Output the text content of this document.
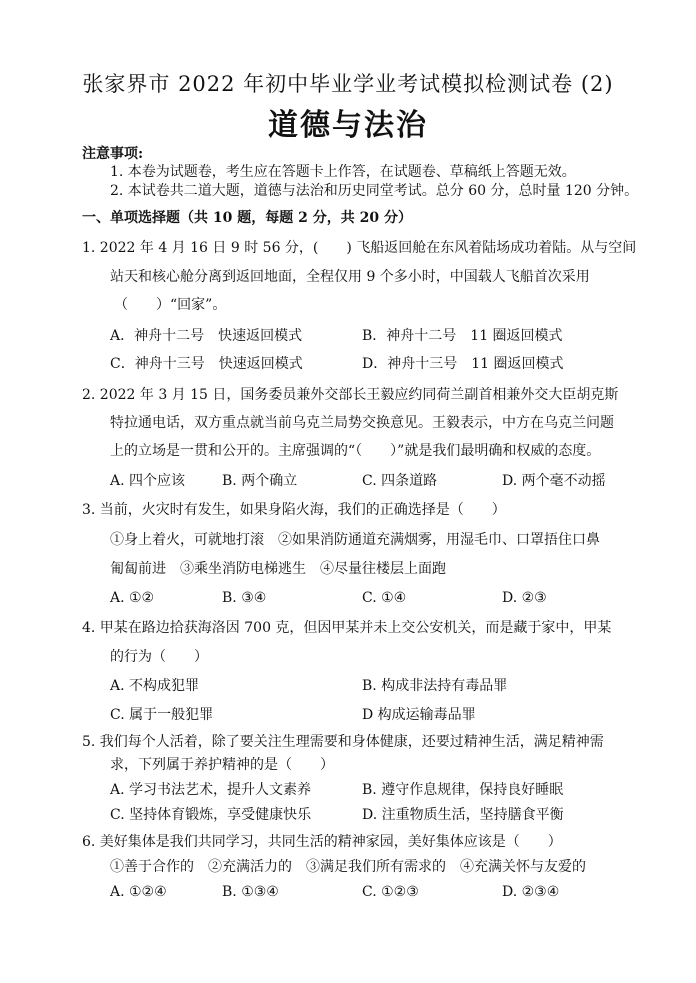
张家界市 2022 年初中毕业学业考试模拟检测试卷 (2)
道德与法治
注意事项:
1. 本卷为试题卷，考生应在答题卡上作答，在试题卷、草稿纸上答题无效。
2. 本试卷共二道大题，道德与法治和历史同堂考试。总分 60 分，总时量 120 分钟。
一、单项选择题（共 10 题，每题 2 分，共 20 分）
1. 2022 年 4 月 16 日 9 时 56 分，(　　) 飞船返回舱在东风着陆场成功着陆。从与空间
站天和核心舱分离到返回地面，全程仅用 9 个多小时，中国载人飞船首次采用
（　　）“回家”。
A．神舟十二号　快速返回模式	B．神舟十二号　11 圈返回模式
C．神舟十三号　快速返回模式	D．神舟十三号　11 圈返回模式
2. 2022 年 3 月 15 日，国务委员兼外交部长王毅应约同荷兰副首相兼外交大臣胡克斯
特拉通电话，双方重点就当前乌克兰局势交换意见。王毅表示，中方在乌克兰问题
上的立场是一贯和公开的。主席强调的“（　　）”就是我们最明确和权威的态度。
A. 四个应该	B. 两个确立	C. 四条道路	D. 两个毫不动摇
3. 当前，火灾时有发生，如果身陷火海，我们的正确选择是（　　）
①身上着火，可就地打滚　②如果消防通道充满烟雾，用湿毛巾、口罩捂住口鼻
匍匐前进　③乘坐消防电梯逃生　④尽量往楼层上面跑
A. ①②	B. ③④	C. ①④	D. ②③
4. 甲某在路边拾获海洛因 700 克，但因甲某并未上交公安机关，而是藏于家中，甲某
的行为（　　）
A. 不构成犯罪	B. 构成非法持有毒品罪
C. 属于一般犯罪	D 构成运输毒品罪
5. 我们每个人活着，除了要关注生理需要和身体健康，还要过精神生活，满足精神需
求，下列属于养护精神的是（　　）
A. 学习书法艺术，提升人文素养	B. 遵守作息规律，保持良好睡眠
C. 坚持体育锻炼，享受健康快乐	D. 注重物质生活，坚持膳食平衡
6. 美好集体是我们共同学习，共同生活的精神家园，美好集体应该是（　　）
①善于合作的　②充满活力的　③满足我们所有需求的　④充满关怀与友爱的
A. ①②④	B. ①③④	C. ①②③	D. ②③④
